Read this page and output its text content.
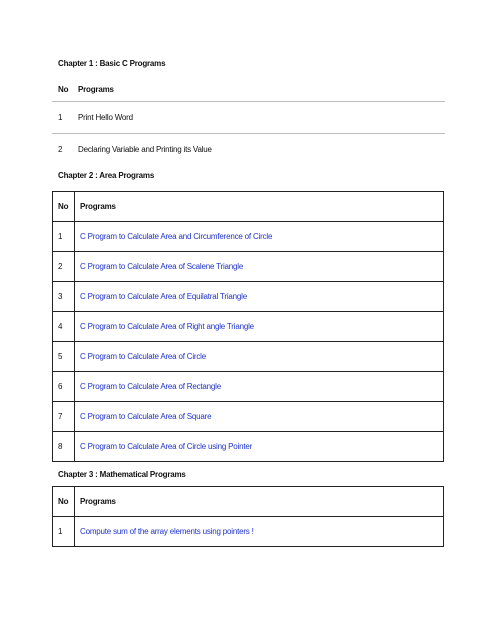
Chapter 1 : Basic C Programs
No Programs
1 Print Hello Word
2 Declaring Variable and Printing its Value
Chapter 2 : Area Programs
No	Programs
1	C Program to Calculate Area and Circumference of Circle
2	C Program to Calculate Area of Scalene Triangle
3	C Program to Calculate Area of Equilatral Triangle
4	C Program to Calculate Area of Right angle Triangle
5	C Program to Calculate Area of Circle
6	C Program to Calculate Area of Rectangle
7	C Program to Calculate Area of Square
8	C Program to Calculate Area of Circle using Pointer
Chapter 3 : Mathematical Programs
No	Programs
1	Compute sum of the array elements using pointers !
